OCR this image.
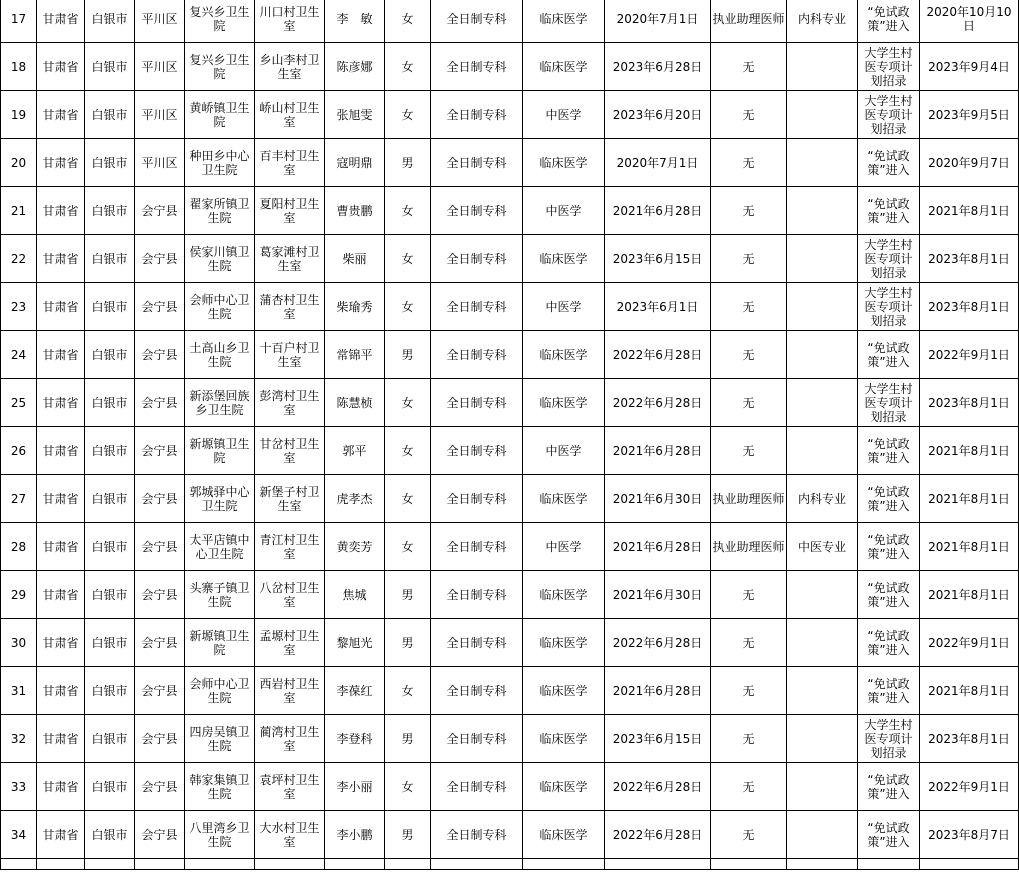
17	甘肃省	白银市	平川区	复兴乡卫生院	川口村卫生室	李　敏	女	全日制专科	临床医学	2020年7月1日	执业助理医师	内科专业	“免试政策”进入	2020年10月10日
18	甘肃省	白银市	平川区	复兴乡卫生院	乡山李村卫生室	陈彦娜	女	全日制专科	临床医学	2023年6月28日	无		大学生村医专项计划招录	2023年9月4日
19	甘肃省	白银市	平川区	黄峤镇卫生院	峤山村卫生室	张旭雯	女	全日制专科	中医学	2023年6月20日	无		大学生村医专项计划招录	2023年9月5日
20	甘肃省	白银市	平川区	种田乡中心卫生院	百丰村卫生室	寇明鼎	男	全日制专科	临床医学	2020年7月1日	无		“免试政策”进入	2020年9月7日
21	甘肃省	白银市	会宁县	翟家所镇卫生院	夏阳村卫生室	曹贵鹏	女	全日制专科	中医学	2021年6月28日	无		“免试政策”进入	2021年8月1日
22	甘肃省	白银市	会宁县	侯家川镇卫生院	葛家滩村卫生室	柴丽	女	全日制专科	临床医学	2023年6月15日	无		大学生村医专项计划招录	2023年8月1日
23	甘肃省	白银市	会宁县	会师中心卫生院	蒲杏村卫生室	柴瑜秀	女	全日制专科	中医学	2023年6月1日	无		大学生村医专项计划招录	2023年8月1日
24	甘肃省	白银市	会宁县	土高山乡卫生院	十百户村卫生室	常锦平	男	全日制专科	临床医学	2022年6月28日	无		“免试政策”进入	2022年9月1日
25	甘肃省	白银市	会宁县	新添堡回族乡卫生院	彭湾村卫生室	陈慧桢	女	全日制专科	临床医学	2022年6月28日	无		大学生村医专项计划招录	2023年8月1日
26	甘肃省	白银市	会宁县	新塬镇卫生院	甘岔村卫生室	郭平	女	全日制专科	中医学	2021年6月28日	无		“免试政策”进入	2021年8月1日
27	甘肃省	白银市	会宁县	郭城驿中心卫生院	新堡子村卫生室	虎孝杰	女	全日制专科	临床医学	2021年6月30日	执业助理医师	内科专业	“免试政策”进入	2021年8月1日
28	甘肃省	白银市	会宁县	太平店镇中心卫生院	青江村卫生室	黄奕芳	女	全日制专科	中医学	2021年6月28日	执业助理医师	中医专业	“免试政策”进入	2021年8月1日
29	甘肃省	白银市	会宁县	头寨子镇卫生院	八岔村卫生室	焦城	男	全日制专科	临床医学	2021年6月30日	无		“免试政策”进入	2021年8月1日
30	甘肃省	白银市	会宁县	新塬镇卫生院	孟塬村卫生室	黎旭光	男	全日制专科	临床医学	2022年6月28日	无		“免试政策”进入	2022年9月1日
31	甘肃省	白银市	会宁县	会师中心卫生院	西岩村卫生室	李葆红	女	全日制专科	临床医学	2021年6月28日	无		“免试政策”进入	2021年8月1日
32	甘肃省	白银市	会宁县	四房吴镇卫生院	蔺湾村卫生室	李登科	男	全日制专科	临床医学	2023年6月15日	无		大学生村医专项计划招录	2023年8月1日
33	甘肃省	白银市	会宁县	韩家集镇卫生院	袁坪村卫生室	李小丽	女	全日制专科	临床医学	2022年6月28日	无		“免试政策”进入	2022年9月1日
34	甘肃省	白银市	会宁县	八里湾乡卫生院	大水村卫生室	李小鹏	男	全日制专科	临床医学	2022年6月28日	无		“免试政策”进入	2023年8月7日
